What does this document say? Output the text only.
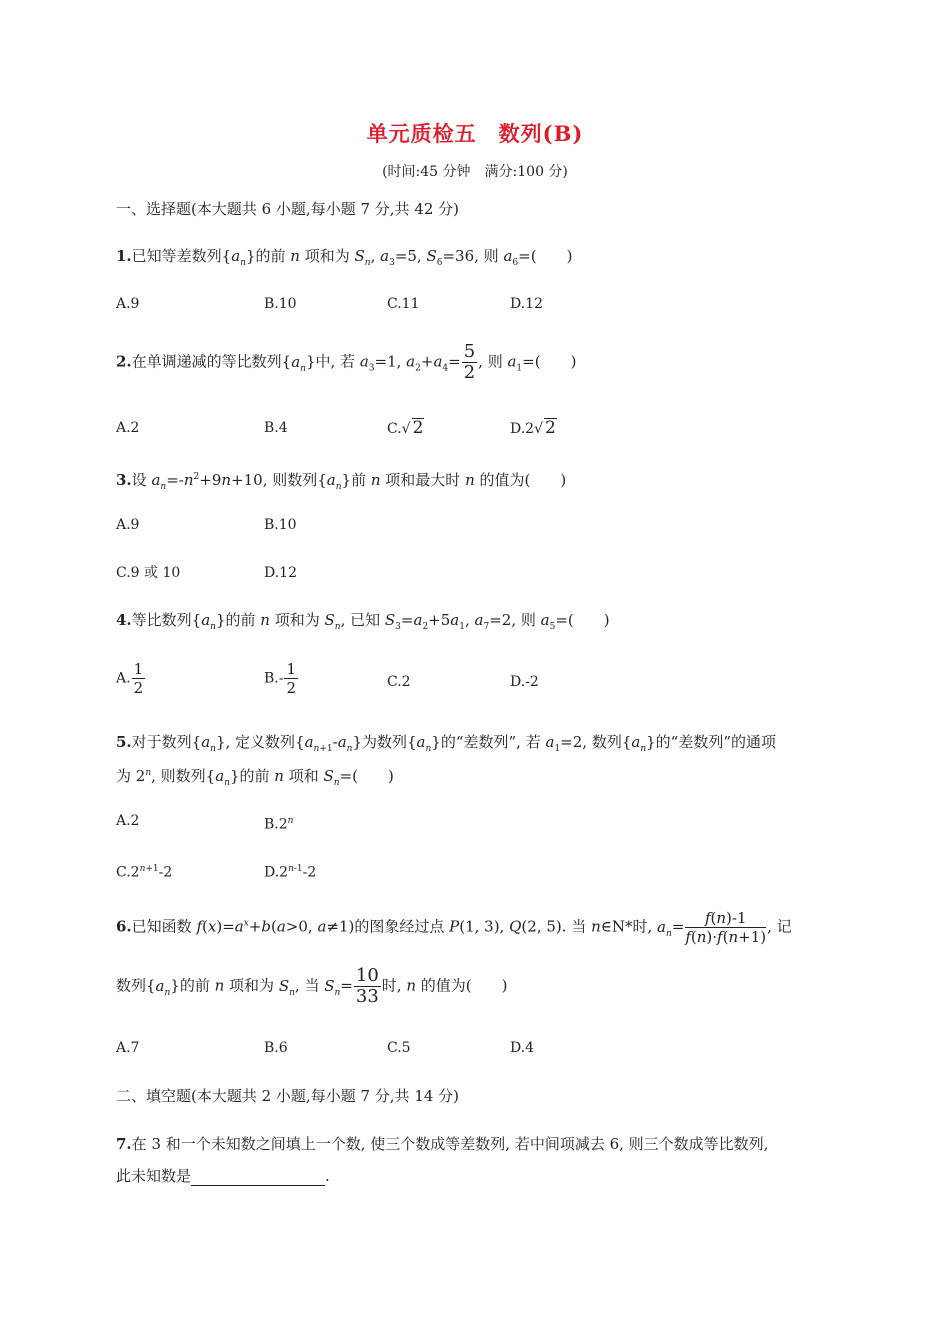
单元质检五　数列(B)
(时间:45 分钟　满分:100 分)
一、选择题(本大题共 6 小题,每小题 7 分,共 42 分)
1.已知等差数列$\{a_n\}$的前 n 项和为 $S_n$, $a_3=5$, $S_6=36$, 则 $a_6=$( )
A.9	B.10	C.11	D.12
2.在单调递减的等比数列$\{a_n\}$中, 若 $a_3=1$, $a_2+a_4= \frac{5}{2}$ , 则 $a_1=$( )
A.2	B.4	C.√ 2	D.2√ 2
3.设 $a_n=-n^2+9n+10$, 则数列$\{a_n\}$前 n 项和最大时 n 的值为( )
A.9	B.10
C.9 或 10	D.12
4.等比数列$\{a_n\}$的前 n 项和为 $S_n$, 已知 $S_3=a_2+5a_1$, $a_7=2$, 则 $a_5=$( )
A. $\frac{1}{2}$	$B.- \frac{1}{2}$	C.2	D.-2
5.对于数列$\{a_n\}$, 定义数列$\{a_{n+1}-a_n\}$为数列$\{a_n\}$的“差数列”, 若 $a_1=2$, 数列$\{a_n\}$的“差数列”的通项
为 2$^n$, 则数列$\{a_n\}$的前 n 项和 $S_n=$( )
A.2	B.2$^n$
$C.2^{n+1}-2$	D.2$^{n-1}$-2
6.已知函数 $f(x)=a^x+b(a>0$, a≠1)的图象经过点 P(1, 3), Q(2, 5). 当 n∈N*时, $a_n= \frac{f(n)-1}{f(n)\cdot f(n+1)}$ , 记
数列$\{a_n\}$的前 n 项和为 $S_n$, 当 $S_n= \frac{10}{33}$ 时, n 的值为( )
A.7	B.6	C.5	D.4
二、填空题(本大题共 2 小题,每小题 7 分,共 14 分)
7.在 3 和一个未知数之间填上一个数, 使三个数成等差数列, 若中间项减去 6, 则三个数成等比数列,
此未知数是	.
